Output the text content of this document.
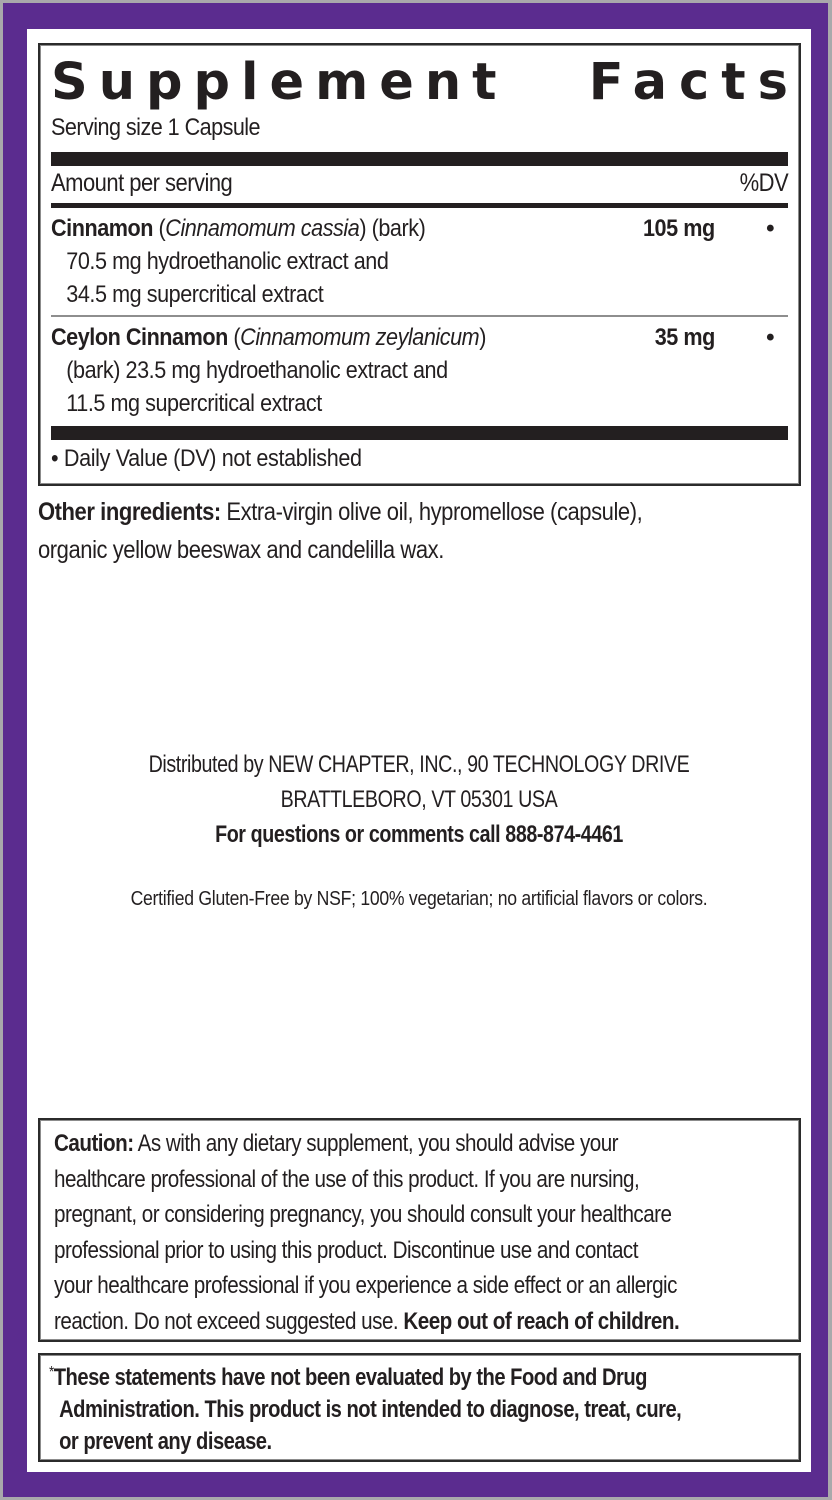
Supplement Facts
Serving size 1 Capsule
Amount per serving	%DV
Cinnamon (Cinnamomum cassia) (bark)
70.5 mg hydroethanolic extract and
34.5 mg supercritical extract
105 mg •
Ceylon Cinnamon (Cinnamomum zeylanicum)
(bark) 23.5 mg hydroethanolic extract and
11.5 mg supercritical extract
35 mg •
• Daily Value (DV) not established
Other ingredients: Extra-virgin olive oil, hypromellose (capsule),
organic yellow beeswax and candelilla wax.
Distributed by NEW CHAPTER, INC., 90 TECHNOLOGY DRIVE
BRATTLEBORO, VT 05301 USA
For questions or comments call 888-874-4461
Certified Gluten-Free by NSF; 100% vegetarian; no artificial flavors or colors.
Caution: As with any dietary supplement, you should advise your
healthcare professional of the use of this product. If you are nursing,
pregnant, or considering pregnancy, you should consult your healthcare
professional prior to using this product. Discontinue use and contact
your healthcare professional if you experience a side effect or an allergic
reaction. Do not exceed suggested use. Keep out of reach of children.
*These statements have not been evaluated by the Food and Drug
Administration. This product is not intended to diagnose, treat, cure,
or prevent any disease.
